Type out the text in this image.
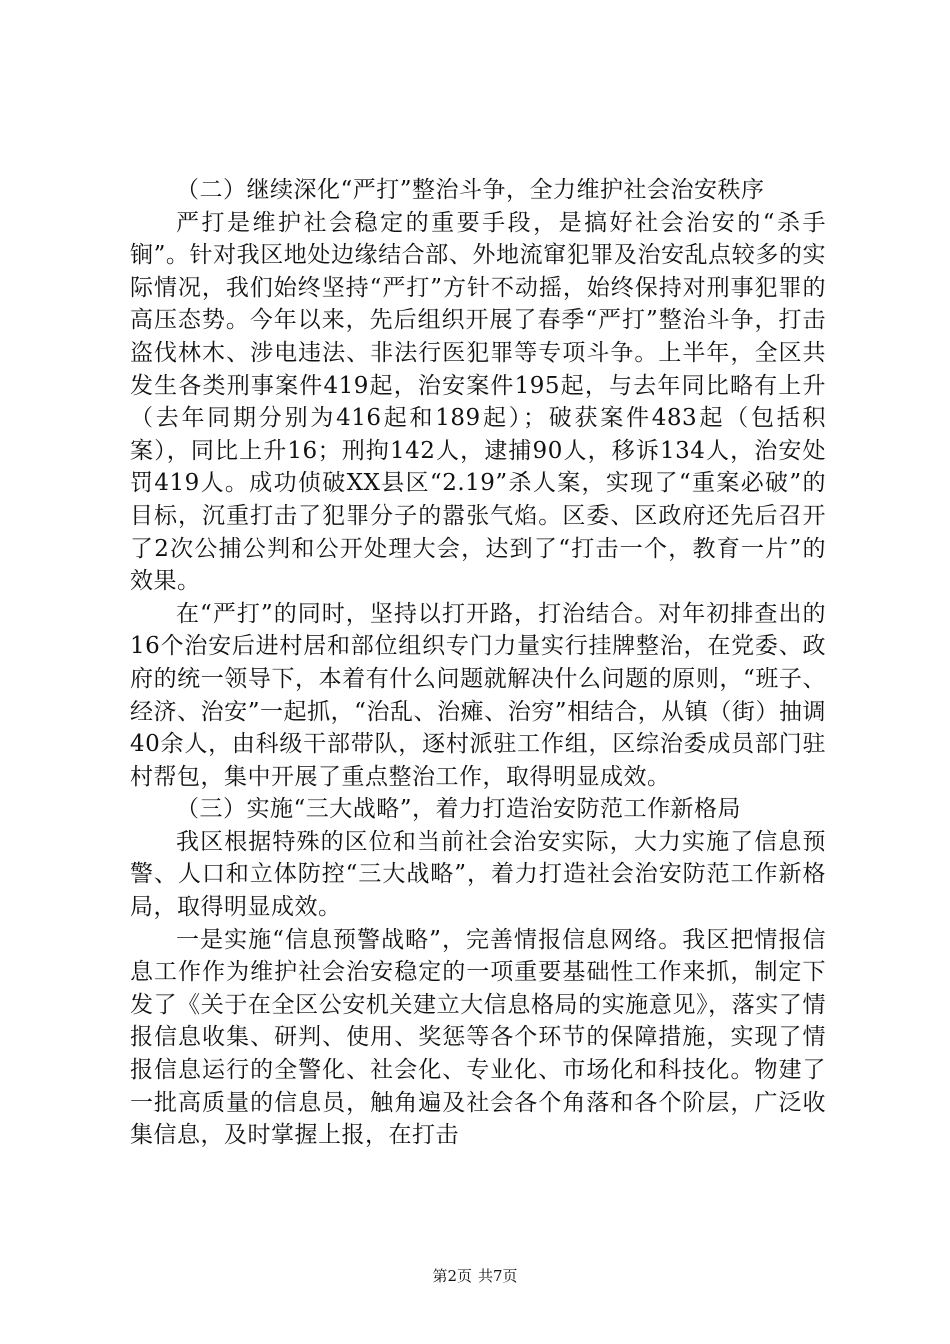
（二）继续深化“严打”整治斗争，全力维护社会治安秩序

严打是维护社会稳定的重要手段，是搞好社会治安的“杀手锏”。针对我区地处边缘结合部、外地流窜犯罪及治安乱点较多的实际情况，我们始终坚持“严打”方针不动摇，始终保持对刑事犯罪的高压态势。今年以来，先后组织开展了春季“严打”整治斗争，打击盗伐林木、涉电违法、非法行医犯罪等专项斗争。上半年，全区共发生各类刑事案件419起，治安案件195起，与去年同比略有上升（去年同期分别为416起和189起）；破获案件483起（包括积案），同比上升16；刑拘142人，逮捕90人，移诉134人，治安处罚419人。成功侦破XX县区“2.19”杀人案，实现了“重案必破”的目标，沉重打击了犯罪分子的嚣张气焰。区委、区政府还先后召开了2次公捕公判和公开处理大会，达到了“打击一个，教育一片”的效果。

在“严打”的同时，坚持以打开路，打治结合。对年初排查出的16个治安后进村居和部位组织专门力量实行挂牌整治，在党委、政府的统一领导下，本着有什么问题就解决什么问题的原则，“班子、经济、治安”一起抓，“治乱、治瘫、治穷”相结合，从镇（街）抽调40余人，由科级干部带队，逐村派驻工作组，区综治委成员部门驻村帮包，集中开展了重点整治工作，取得明显成效。

（三）实施“三大战略”，着力打造治安防范工作新格局

我区根据特殊的区位和当前社会治安实际，大力实施了信息预警、人口和立体防控“三大战略”，着力打造社会治安防范工作新格局，取得明显成效。

一是实施“信息预警战略”，完善情报信息网络。我区把情报信息工作作为维护社会治安稳定的一项重要基础性工作来抓，制定下发了《关于在全区公安机关建立大信息格局的实施意见》，落实了情报信息收集、研判、使用、奖惩等各个环节的保障措施，实现了情报信息运行的全警化、社会化、专业化、市场化和科技化。物建了一批高质量的信息员，触角遍及社会各个角落和各个阶层，广泛收集信息，及时掌握上报，在打击

第2页 共7页
